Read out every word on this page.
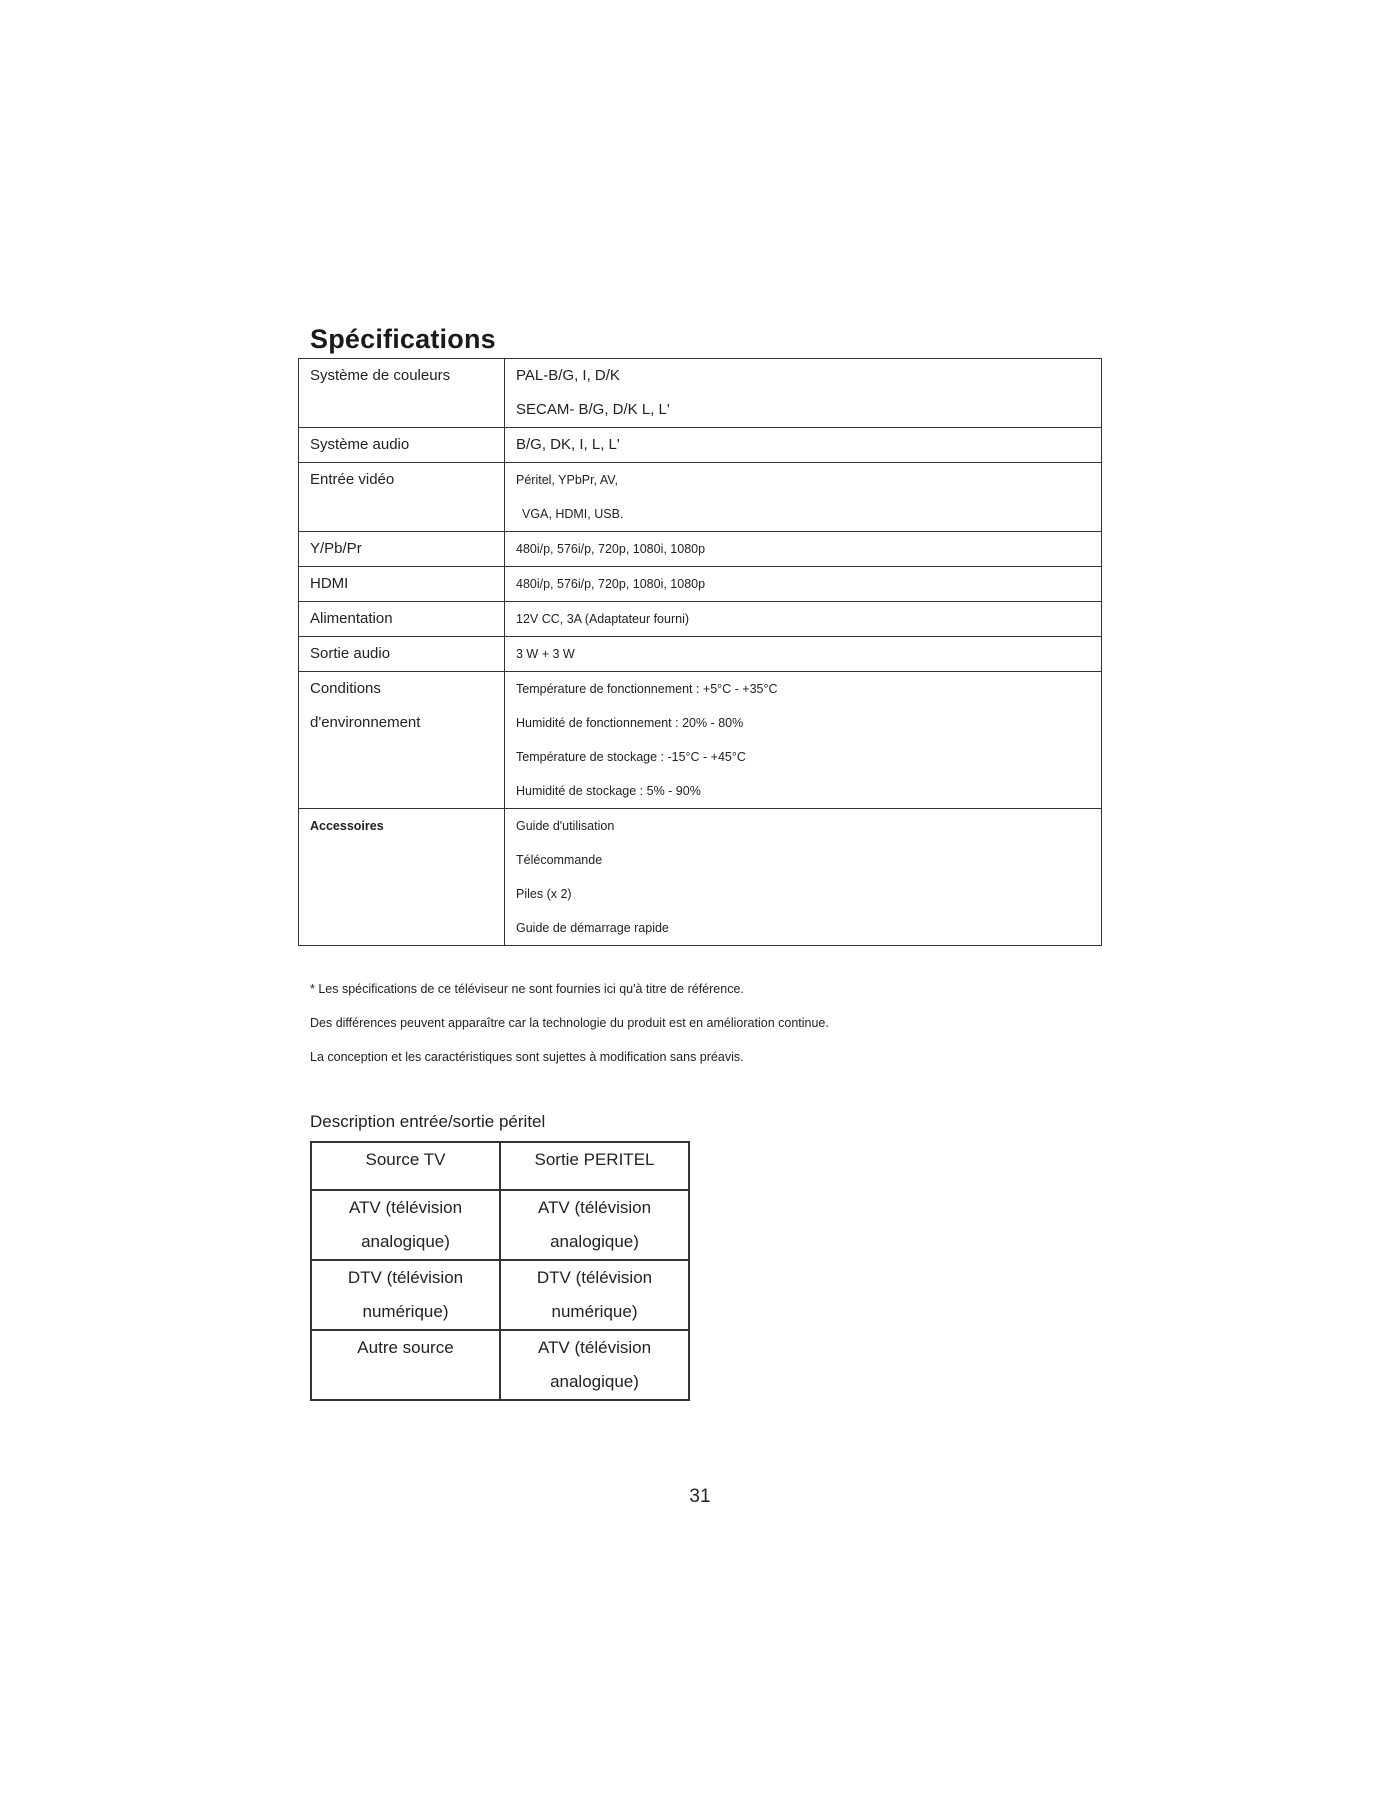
Spécifications
Système de couleurs	PAL-B/G, I, D/K
SECAM- B/G, D/K L, L'

Système audio	B/G, DK, I, L, L'

Entrée vidéo	Péritel, YPbPr, AV,
VGA, HDMI, USB.

Y/Pb/Pr	480i/p, 576i/p, 720p, 1080i, 1080p

HDMI	480i/p, 576i/p, 720p, 1080i, 1080p

Alimentation	12V CC, 3A (Adaptateur fourni)

Sortie audio	3 W + 3 W

Conditions
d'environnement	Température de fonctionnement : +5°C - +35°C
Humidité de fonctionnement : 20% - 80%
Température de stockage : -15°C - +45°C
Humidité de stockage : 5% - 90%

Accessoires	Guide d'utilisation
Télécommande
Piles (x 2)
Guide de démarrage rapide
* Les spécifications de ce téléviseur ne sont fournies ici qu'à titre de référence.
Des différences peuvent apparaître car la technologie du produit est en amélioration continue.
La conception et les caractéristiques sont sujettes à modification sans préavis.
Description entrée/sortie péritel
Source TV	Sortie PERITEL

ATV (télévision
analogique)	ATV (télévision
analogique)

DTV (télévision
numérique)	DTV (télévision
numérique)

Autre source	ATV (télévision
analogique)
31
